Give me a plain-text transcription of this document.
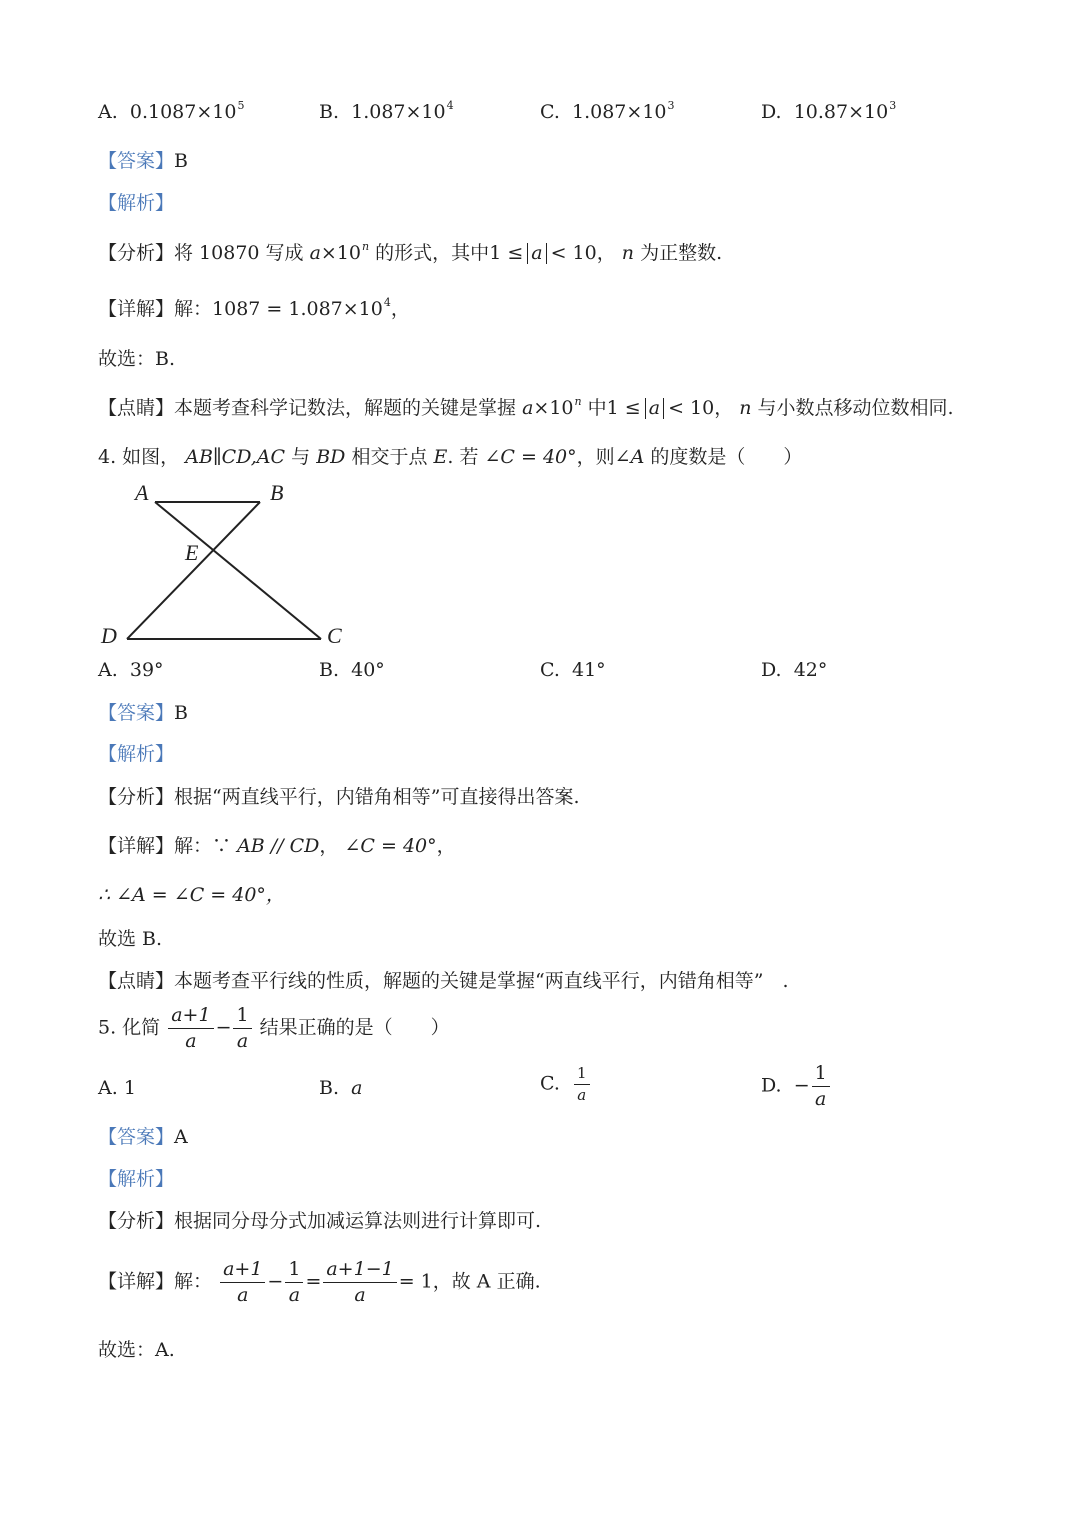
A. $0.1087\times 10^5$	B. $1.087\times 10^4$	C. $1.087\times 10^3$	D. $10.87\times 10^3$
【答案】B
【解析】
【分析】将 10870 写成 $a\times 10^n$ 的形式，其中1 ≤ a < 10， n 为正整数.
【详解】解：$1087 = 1.087\times 10^4$，
故选：B.
【点睛】本题考查科学记数法，解题的关键是掌握 $a\times 10^n$ 中1 ≤ a < 10， n 与小数点移动位数相同.
4. 如图， AB∥CD,AC 与 BD 相交于点 E. 若 ∠C = 40°，则∠A 的度数是（　　）
A	B
E
D	C
A. 39°	B. 40°	C. 41°	D. 42°
【答案】B
【解析】
【分析】根据“两直线平行，内错角相等”可直接得出答案.
【详解】解：∵ AB // CD， ∠C = 40°，
∴ ∠A = ∠C = 40°，
故选 B.
【点睛】本题考查平行线的性质，解题的关键是掌握“两直线平行，内错角相等”　.
5. 化简 $\frac{a+1}{a} - \frac{1}{a}$ 结果正确的是（　　）
A. 1	B. a	C. $\frac{1}{a}$	D. − $\frac{1}{a}$
【答案】A
【解析】
【分析】根据同分母分式加减运算法则进行计算即可.
【详解】解： $\frac{a+1}{a} - \frac{1}{a} = \frac{a+1-1}{a} = 1$，故 A 正确.
故选：A.
